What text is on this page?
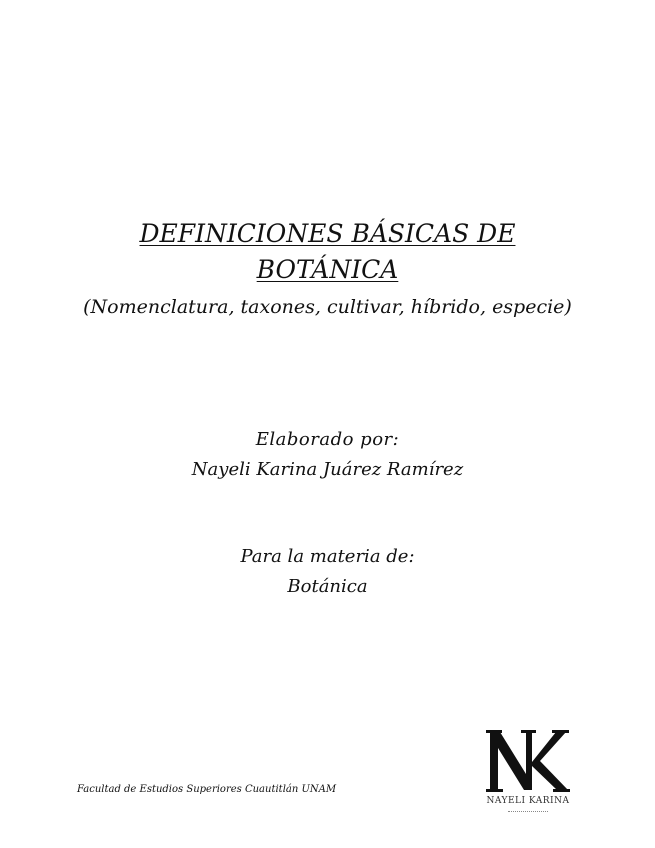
DEFINICIONES BÁSICAS DE
BOTÁNICA
(Nomenclatura, taxones, cultivar, híbrido, especie)
Elaborado por:
Nayeli Karina Juárez Ramírez
Para la materia de:
Botánica
Facultad de Estudios Superiores Cuautitlán UNAM
NAYELI KARINA
